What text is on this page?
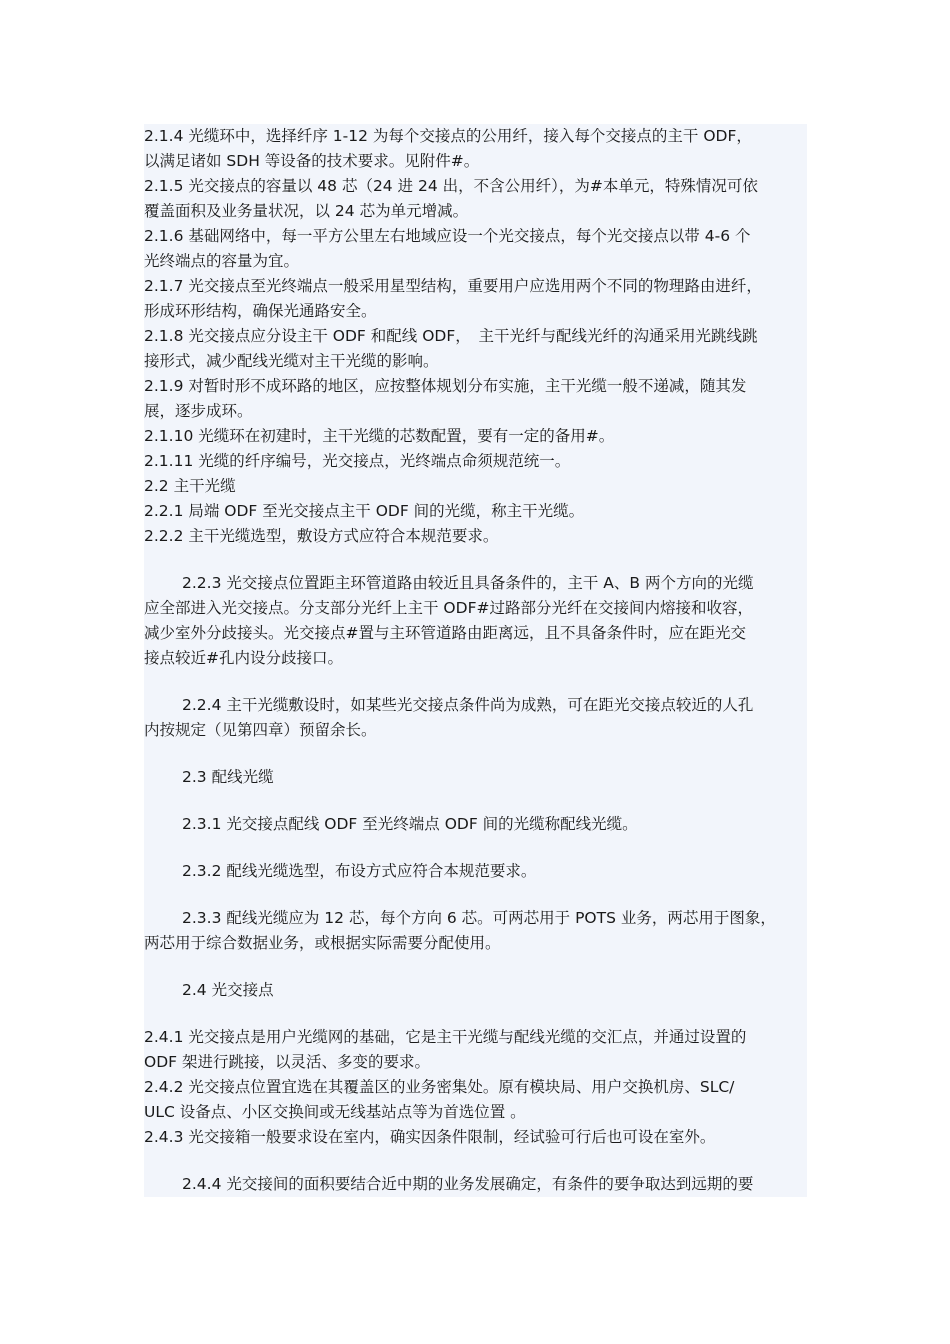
2.1.4 光缆环中，选择纤序 1-12 为每个交接点的公用纤，接入每个交接点的主干 ODF，
以满足诸如 SDH 等设备的技术要求。见附件#。
2.1.5 光交接点的容量以 48 芯（24 进 24 出，不含公用纤），为#本单元，特殊情况可依
覆盖面积及业务量状况，以 24 芯为单元增减。
2.1.6 基础网络中，每一平方公里左右地域应设一个光交接点，每个光交接点以带 4-6 个
光终端点的容量为宜。
2.1.7 光交接点至光终端点一般采用星型结构，重要用户应选用两个不同的物理路由进纤，
形成环形结构，确保光通路安全。
2.1.8 光交接点应分设主干 ODF 和配线 ODF，　主干光纤与配线光纤的沟通采用光跳线跳
接形式，减少配线光缆对主干光缆的影响。
2.1.9 对暂时形不成环路的地区，应按整体规划分布实施，主干光缆一般不递减，随其发
展，逐步成环。
2.1.10 光缆环在初建时，主干光缆的芯数配置，要有一定的备用#。
2.1.11 光缆的纤序编号，光交接点，光终端点命须规范统一。
2.2 主干光缆
2.2.1 局端 ODF 至光交接点主干 ODF 间的光缆，称主干光缆。
2.2.2 主干光缆选型，敷设方式应符合本规范要求。
2.2.3 光交接点位置距主环管道路由较近且具备条件的，主干 A、B 两个方向的光缆
应全部进入光交接点。分支部分光纤上主干 ODF#过路部分光纤在交接间内熔接和收容，
减少室外分歧接头。光交接点#置与主环管道路由距离远，且不具备条件时，应在距光交
接点较近#孔内设分歧接口。
2.2.4 主干光缆敷设时，如某些光交接点条件尚为成熟，可在距光交接点较近的人孔
内按规定（见第四章）预留余长。
2.3 配线光缆
2.3.1 光交接点配线 ODF 至光终端点 ODF 间的光缆称配线光缆。
2.3.2 配线光缆选型，布设方式应符合本规范要求。
2.3.3 配线光缆应为 12 芯，每个方向 6 芯。可两芯用于 POTS 业务，两芯用于图象，
两芯用于综合数据业务，或根据实际需要分配使用。
2.4 光交接点
2.4.1 光交接点是用户光缆网的基础，它是主干光缆与配线光缆的交汇点，并通过设置的
ODF 架进行跳接，以灵活、多变的要求。
2.4.2 光交接点位置宜选在其覆盖区的业务密集处。原有模块局、用户交换机房、SLC/
ULC 设备点、小区交换间或无线基站点等为首选位置 。
2.4.3 光交接箱一般要求设在室内，确实因条件限制，经试验可行后也可设在室外。
2.4.4 光交接间的面积要结合近中期的业务发展确定，有条件的要争取达到远期的要
